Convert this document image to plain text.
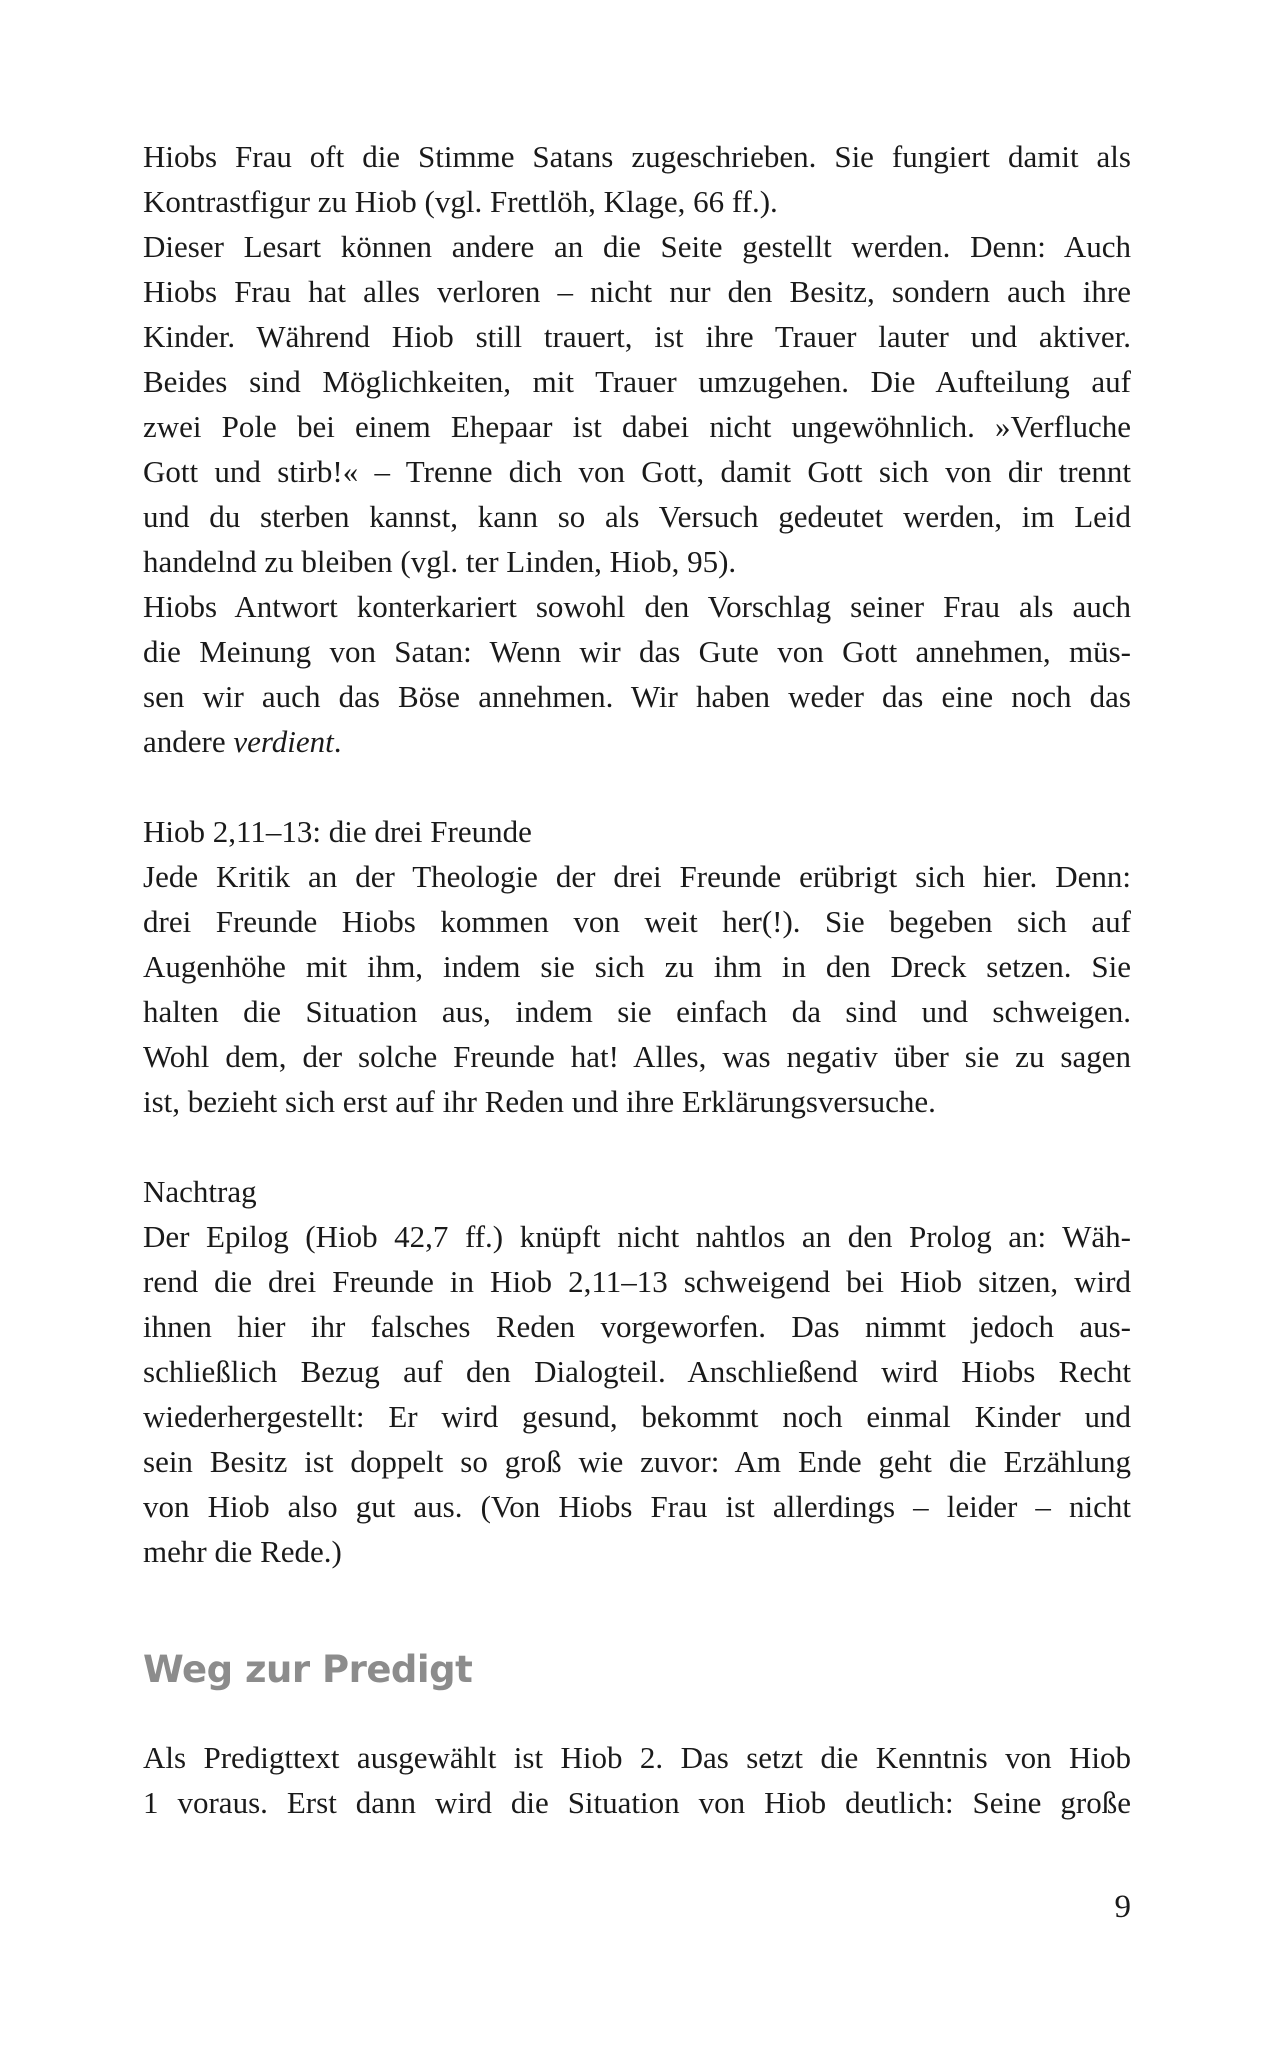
Hiobs Frau oft die Stimme Satans zugeschrieben. Sie fungiert damit als
Kontrastfigur zu Hiob (vgl. Frettlöh, Klage, 66 ff.).
Dieser Lesart können andere an die Seite gestellt werden. Denn: Auch
Hiobs Frau hat alles verloren – nicht nur den Besitz, sondern auch ihre
Kinder. Während Hiob still trauert, ist ihre Trauer lauter und aktiver.
Beides sind Möglichkeiten, mit Trauer umzugehen. Die Aufteilung auf
zwei Pole bei einem Ehepaar ist dabei nicht ungewöhnlich. »Verfluche
Gott und stirb!« – Trenne dich von Gott, damit Gott sich von dir trennt
und du sterben kannst, kann so als Versuch gedeutet werden, im Leid
handelnd zu bleiben (vgl. ter Linden, Hiob, 95).
Hiobs Antwort konterkariert sowohl den Vorschlag seiner Frau als auch
die Meinung von Satan: Wenn wir das Gute von Gott annehmen, müs-
sen wir auch das Böse annehmen. Wir haben weder das eine noch das
andere verdient.
Hiob 2,11–13: die drei Freunde
Jede Kritik an der Theologie der drei Freunde erübrigt sich hier. Denn:
drei Freunde Hiobs kommen von weit her(!). Sie begeben sich auf
Augenhöhe mit ihm, indem sie sich zu ihm in den Dreck setzen. Sie
halten die Situation aus, indem sie einfach da sind und schweigen.
Wohl dem, der solche Freunde hat! Alles, was negativ über sie zu sagen
ist, bezieht sich erst auf ihr Reden und ihre Erklärungsversuche.
Nachtrag
Der Epilog (Hiob 42,7 ff.) knüpft nicht nahtlos an den Prolog an: Wäh-
rend die drei Freunde in Hiob 2,11–13 schweigend bei Hiob sitzen, wird
ihnen hier ihr falsches Reden vorgeworfen. Das nimmt jedoch aus-
schließlich Bezug auf den Dialogteil. Anschließend wird Hiobs Recht
wiederhergestellt: Er wird gesund, bekommt noch einmal Kinder und
sein Besitz ist doppelt so groß wie zuvor: Am Ende geht die Erzählung
von Hiob also gut aus. (Von Hiobs Frau ist allerdings – leider – nicht
mehr die Rede.)
Weg zur Predigt
Als Predigttext ausgewählt ist Hiob 2. Das setzt die Kenntnis von Hiob
1 voraus. Erst dann wird die Situation von Hiob deutlich: Seine große
9
